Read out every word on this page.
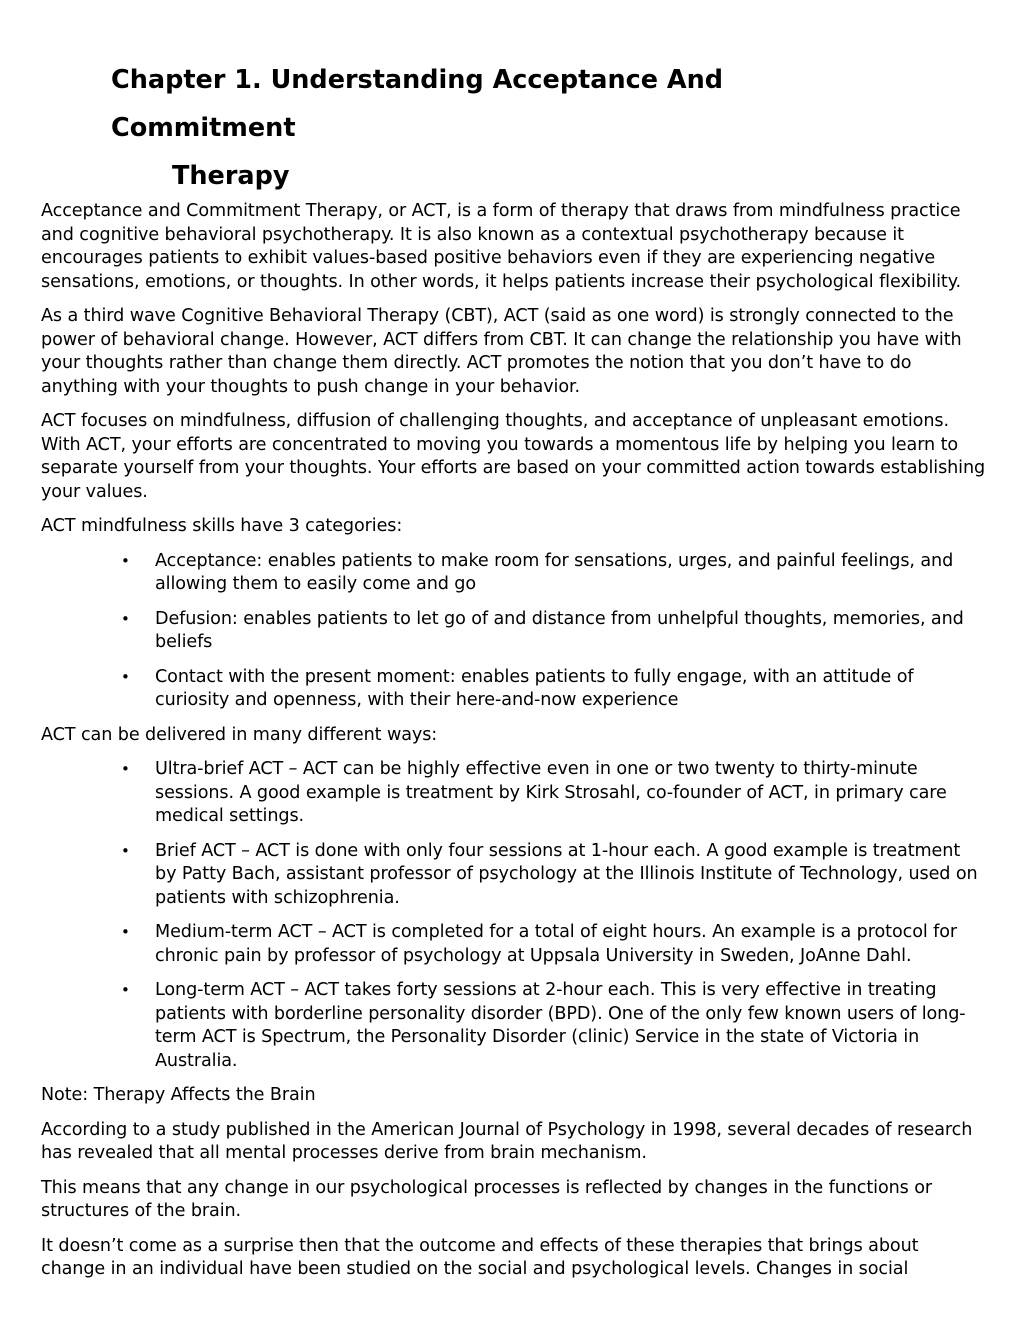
Chapter 1. Understanding Acceptance And Commitment
Therapy

Acceptance and Commitment Therapy, or ACT, is a form of therapy that draws from mindfulness practice and cognitive behavioral psychotherapy. It is also known as a contextual psychotherapy because it encourages patients to exhibit values-based positive behaviors even if they are experiencing negative sensations, emotions, or thoughts. In other words, it helps patients increase their psychological flexibility.

As a third wave Cognitive Behavioral Therapy (CBT), ACT (said as one word) is strongly connected to the power of behavioral change. However, ACT differs from CBT. It can change the relationship you have with your thoughts rather than change them directly. ACT promotes the notion that you don’t have to do anything with your thoughts to push change in your behavior.

ACT focuses on mindfulness, diffusion of challenging thoughts, and acceptance of unpleasant emotions. With ACT, your efforts are concentrated to moving you towards a momentous life by helping you learn to separate yourself from your thoughts. Your efforts are based on your committed action towards establishing your values.

ACT mindfulness skills have 3 categories:

• Acceptance: enables patients to make room for sensations, urges, and painful feelings, and allowing them to easily come and go
• Defusion: enables patients to let go of and distance from unhelpful thoughts, memories, and beliefs
• Contact with the present moment: enables patients to fully engage, with an attitude of curiosity and openness, with their here-and-now experience

ACT can be delivered in many different ways:

• Ultra-brief ACT – ACT can be highly effective even in one or two twenty to thirty-minute sessions. A good example is treatment by Kirk Strosahl, co-founder of ACT, in primary care medical settings.
• Brief ACT – ACT is done with only four sessions at 1-hour each. A good example is treatment by Patty Bach, assistant professor of psychology at the Illinois Institute of Technology, used on patients with schizophrenia.
• Medium-term ACT – ACT is completed for a total of eight hours. An example is a protocol for chronic pain by professor of psychology at Uppsala University in Sweden, JoAnne Dahl.
• Long-term ACT – ACT takes forty sessions at 2-hour each. This is very effective in treating patients with borderline personality disorder (BPD). One of the only few known users of long-term ACT is Spectrum, the Personality Disorder (clinic) Service in the state of Victoria in Australia.

Note: Therapy Affects the Brain

According to a study published in the American Journal of Psychology in 1998, several decades of research has revealed that all mental processes derive from brain mechanism.

This means that any change in our psychological processes is reflected by changes in the functions or structures of the brain.

It doesn’t come as a surprise then that the outcome and effects of these therapies that brings about change in an individual have been studied on the social and psychological levels. Changes in social
